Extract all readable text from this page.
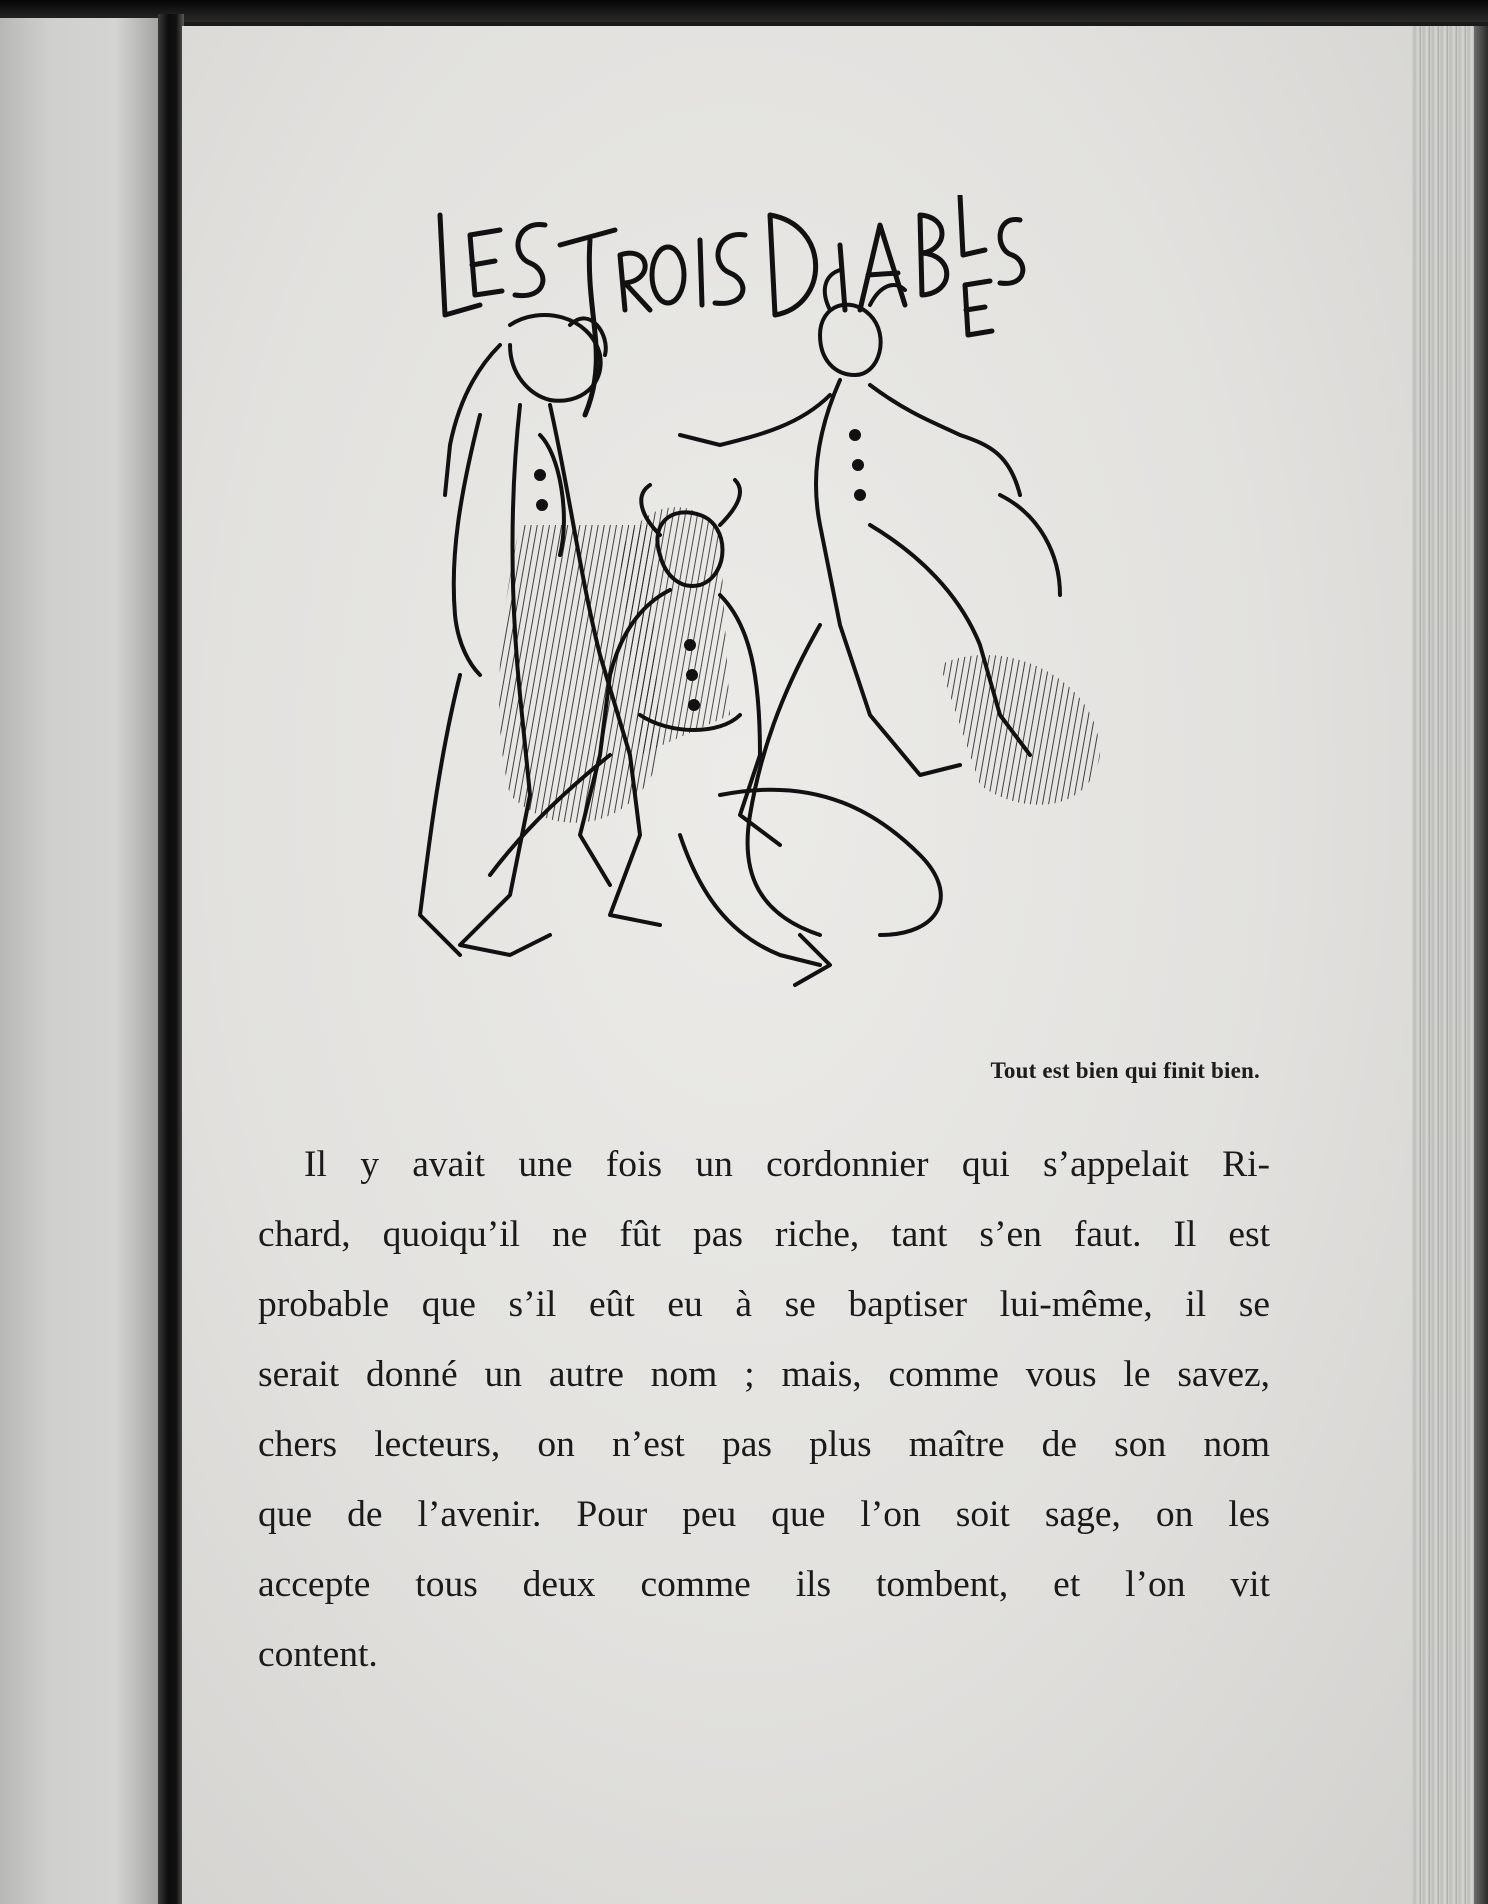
Tout est bien qui finit bien.
Il y avait une fois un cordonnier qui s’appelait Ri-
chard, quoiqu’il ne fût pas riche, tant s’en faut. Il est
probable que s’il eût eu à se baptiser lui-même, il se
serait donné un autre nom ; mais, comme vous le savez,
chers lecteurs, on n’est pas plus maître de son nom
que de l’avenir. Pour peu que l’on soit sage, on les
accepte tous deux comme ils tombent, et l’on vit
content.
